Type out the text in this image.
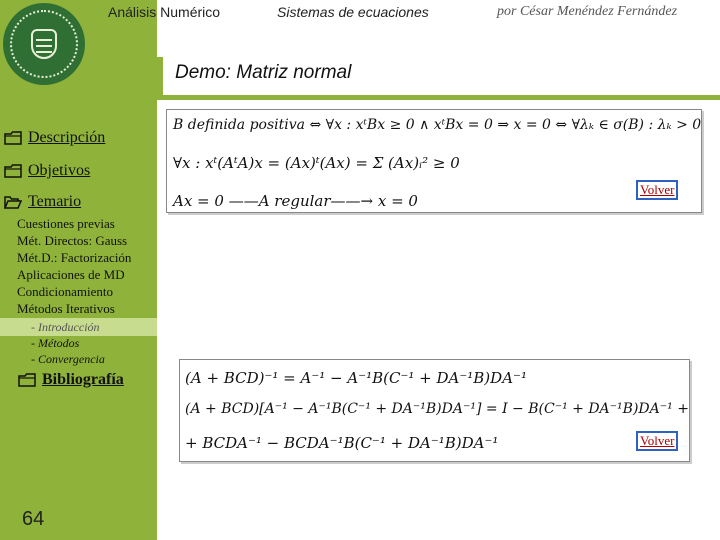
Análisis Numérico	Sistemas de ecuaciones	por César Menéndez Fernández
Demo: Matriz normal
Descripción
Objetivos
Temario
Cuestiones previas
Mét. Directos: Gauss
Mét.D.: Factorización
Aplicaciones de MD
Condicionamiento
Métodos Iterativos
- Introducción
- Métodos
- Convergencia
Bibliografía
64
B definida positiva ⇔ ∀x : xᵗBx ≥ 0 ∧ xᵗBx = 0 ⇒ x = 0 ⇔ ∀λₖ ∈ σ(B) : λₖ > 0
∀x : xᵗ(AᵗA)x = (Ax)ᵗ(Ax) = Σ (Ax)ᵢ² ≥ 0
Ax = 0 ——A regular——→ x = 0
Volver
(A + BCD)⁻¹ = A⁻¹ − A⁻¹B(C⁻¹ + DA⁻¹B)DA⁻¹
(A + BCD)[A⁻¹ − A⁻¹B(C⁻¹ + DA⁻¹B)DA⁻¹] = I − B(C⁻¹ + DA⁻¹B)DA⁻¹ +
+ BCDA⁻¹ − BCDA⁻¹B(C⁻¹ + DA⁻¹B)DA⁻¹	Volver
